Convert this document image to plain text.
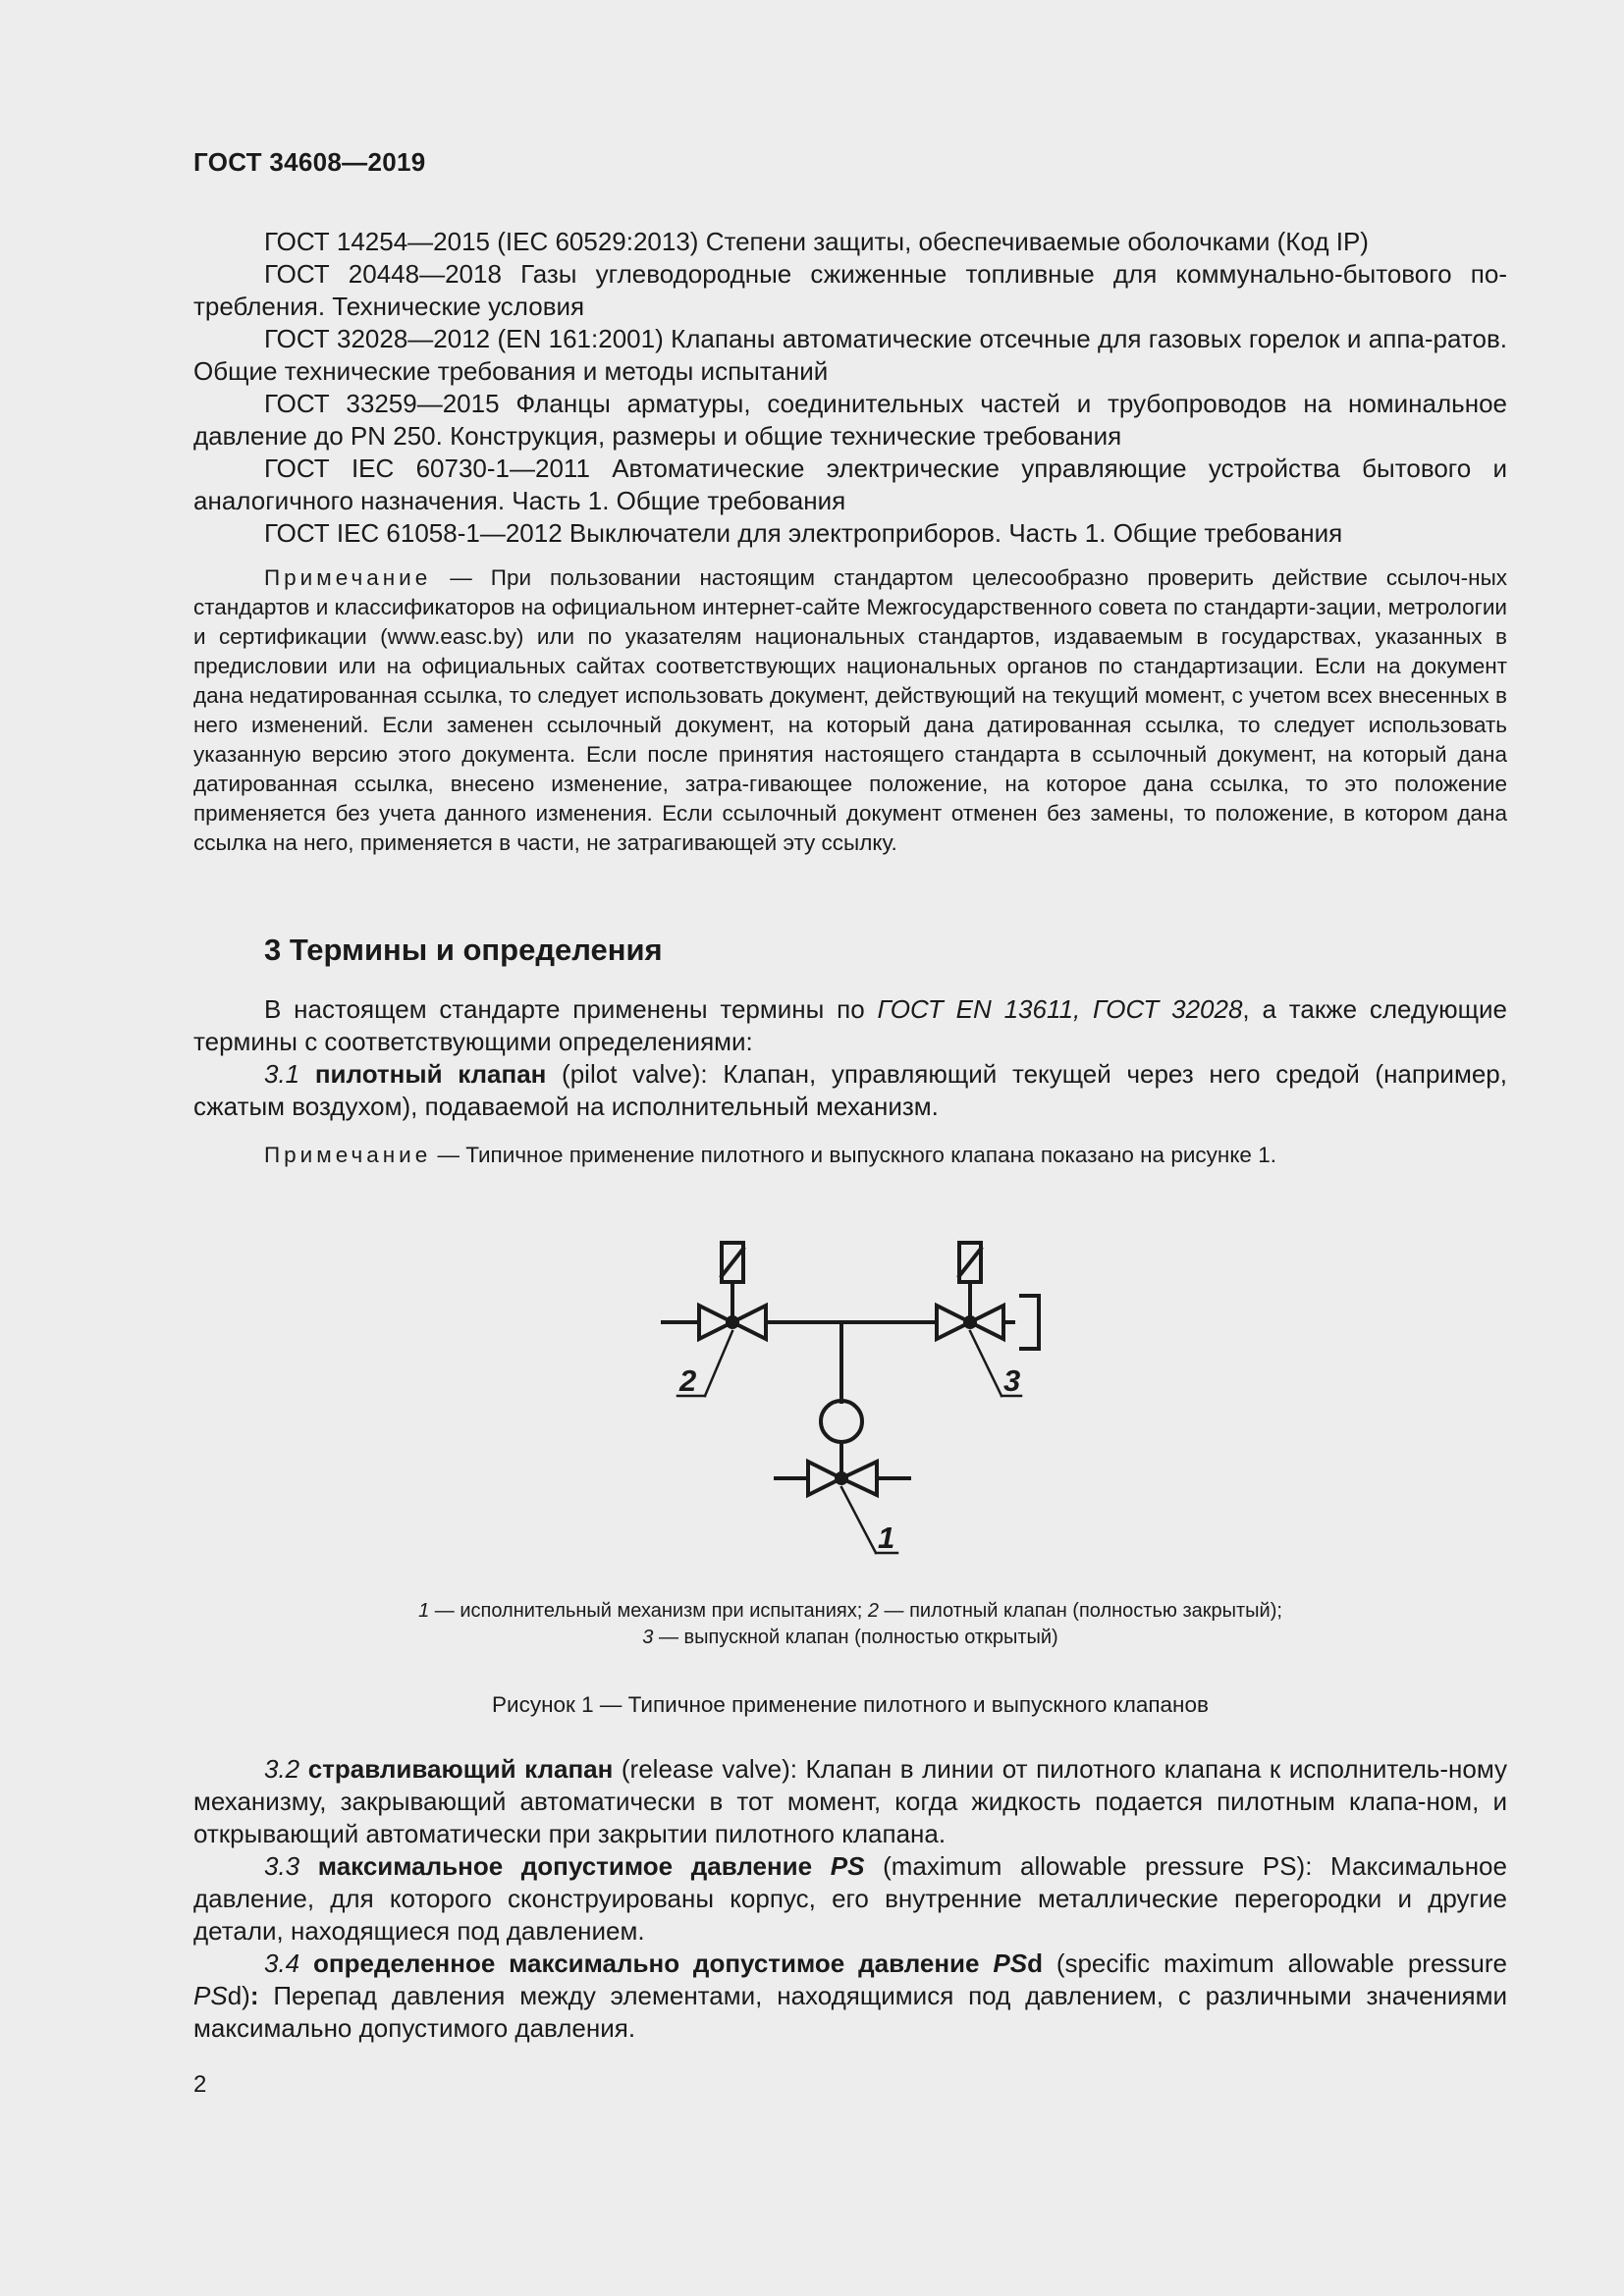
ГОСТ 34608—2019

ГОСТ 14254—2015 (IEC 60529:2013) Степени защиты, обеспечиваемые оболочками (Код IP)

ГОСТ 20448—2018 Газы углеводородные сжиженные топливные для коммунально-бытового по-требления. Технические условия

ГОСТ 32028—2012 (EN 161:2001) Клапаны автоматические отсечные для газовых горелок и аппа-ратов. Общие технические требования и методы испытаний

ГОСТ 33259—2015 Фланцы арматуры, соединительных частей и трубопроводов на номинальное давление до PN 250. Конструкция, размеры и общие технические требования

ГОСТ IEC 60730-1—2011 Автоматические электрические управляющие устройства бытового и аналогичного назначения. Часть 1. Общие требования

ГОСТ IEC 61058-1—2012 Выключатели для электроприборов. Часть 1. Общие требования

Примечание — При пользовании настоящим стандартом целесообразно проверить действие ссылоч-ных стандартов и классификаторов на официальном интернет-сайте Межгосударственного совета по стандарти-зации, метрологии и сертификации (www.easc.by) или по указателям национальных стандартов, издаваемым в государствах, указанных в предисловии или на официальных сайтах соответствующих национальных органов по стандартизации. Если на документ дана недатированная ссылка, то следует использовать документ, действующий на текущий момент, с учетом всех внесенных в него изменений. Если заменен ссылочный документ, на который дана датированная ссылка, то следует использовать указанную версию этого документа. Если после принятия настоящего стандарта в ссылочный документ, на который дана датированная ссылка, внесено изменение, затра-гивающее положение, на которое дана ссылка, то это положение применяется без учета данного изменения. Если ссылочный документ отменен без замены, то положение, в котором дана ссылка на него, применяется в части, не затрагивающей эту ссылку.

3 Термины и определения

В настоящем стандарте применены термины по ГОСТ EN 13611, ГОСТ 32028, а также следующие термины с соответствующими определениями:

3.1 пилотный клапан (pilot valve): Клапан, управляющий текущей через него средой (например, сжатым воздухом), подаваемой на исполнительный механизм.

Примечание — Типичное применение пилотного и выпускного клапана показано на рисунке 1.

2	3
1
1 — исполнительный механизм при испытаниях; 2 — пилотный клапан (полностью закрытый);
3 — выпускной клапан (полностью открытый)
Рисунок 1 — Типичное применение пилотного и выпускного клапанов

3.2 стравливающий клапан (release valve): Клапан в линии от пилотного клапана к исполнитель-ному механизму, закрывающий автоматически в тот момент, когда жидкость подается пилотным клапа-ном, и открывающий автоматически при закрытии пилотного клапана.

3.3 максимальное допустимое давление PS (maximum allowable pressure PS): Максимальное давление, для которого сконструированы корпус, его внутренние металлические перегородки и другие детали, находящиеся под давлением.

3.4 определенное максимально допустимое давление PSd (specific maximum allowable pressure PSd): Перепад давления между элементами, находящимися под давлением, с различными значениями максимально допустимого давления.

2
